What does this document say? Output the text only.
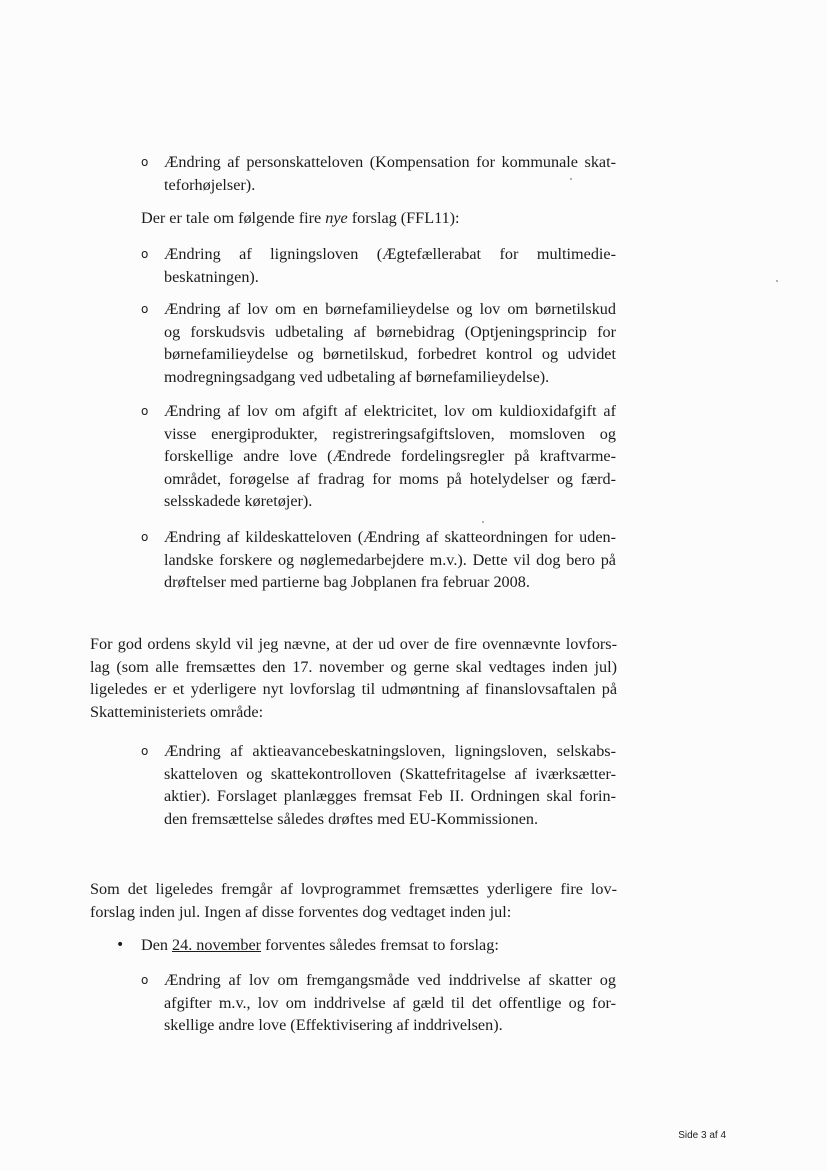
o Ændring af personskatteloven (Kompensation for kommunale skat-
teforhøjelser).
Der er tale om følgende fire nye forslag (FFL11):
o Ændring af ligningsloven (Ægtefællerabat for multimedie-
beskatningen).
o Ændring af lov om en børnefamilieydelse og lov om børnetilskud
og forskudsvis udbetaling af børnebidrag (Optjeningsprincip for
børnefamilieydelse og børnetilskud, forbedret kontrol og udvidet
modregningsadgang ved udbetaling af børnefamilieydelse).
o Ændring af lov om afgift af elektricitet, lov om kuldioxidafgift af
visse energiprodukter, registreringsafgiftsloven, momsloven og
forskellige andre love (Ændrede fordelingsregler på kraftvarme-
området, forøgelse af fradrag for moms på hotelydelser og færd-
selsskadede køretøjer).
o Ændring af kildeskatteloven (Ændring af skatteordningen for uden-
landske forskere og nøglemedarbejdere m.v.). Dette vil dog bero på
drøftelser med partierne bag Jobplanen fra februar 2008.
For god ordens skyld vil jeg nævne, at der ud over de fire ovennævnte lovfors-
lag (som alle fremsættes den 17. november og gerne skal vedtages inden jul)
ligeledes er et yderligere nyt lovforslag til udmøntning af finanslovsaftalen på
Skatteministeriets område:
o Ændring af aktieavancebeskatningsloven, ligningsloven, selskabs-
skatteloven og skattekontrolloven (Skattefritagelse af iværksætter-
aktier). Forslaget planlægges fremsat Feb II. Ordningen skal forin-
den fremsættelse således drøftes med EU-Kommissionen.
Som det ligeledes fremgår af lovprogrammet fremsættes yderligere fire lov-
forslag inden jul. Ingen af disse forventes dog vedtaget inden jul:
• Den 24. november forventes således fremsat to forslag:
o Ændring af lov om fremgangsmåde ved inddrivelse af skatter og
afgifter m.v., lov om inddrivelse af gæld til det offentlige og for-
skellige andre love (Effektivisering af inddrivelsen).
Side 3 af 4
